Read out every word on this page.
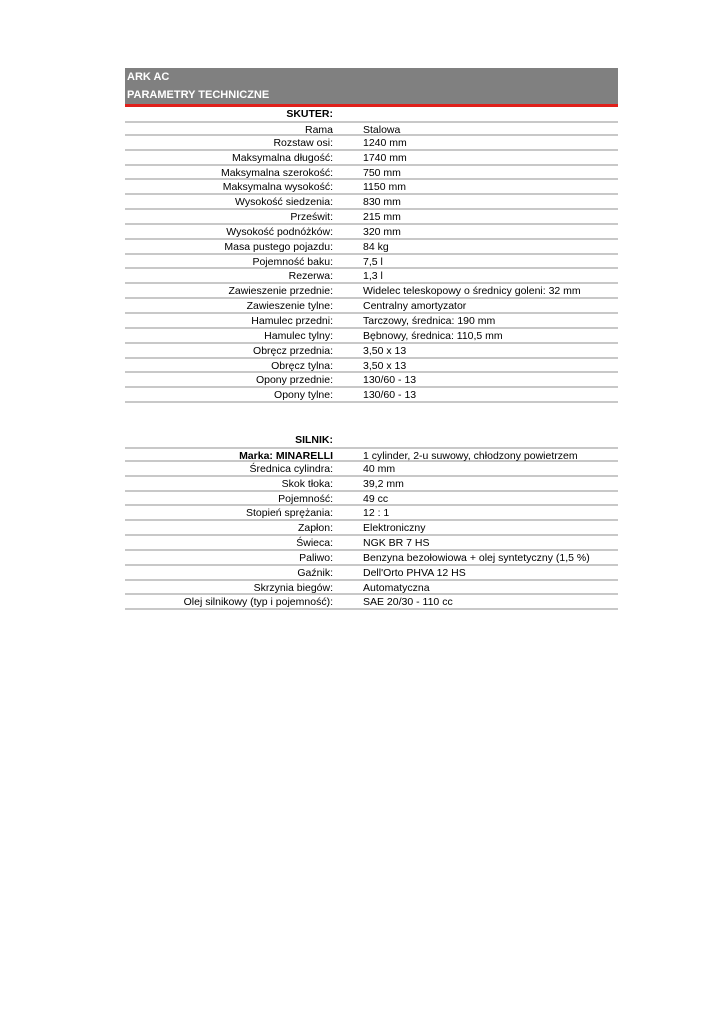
ARK AC
PARAMETRY TECHNICZNE
SKUTER:
Rama	Stalowa
Rozstaw osi:	1240 mm
Maksymalna długość:	1740 mm
Maksymalna szerokość:	750 mm
Maksymalna wysokość:	1150 mm
Wysokość siedzenia:	830 mm
Prześwit:	215 mm
Wysokość podnóżków:	320 mm
Masa pustego pojazdu:	84 kg
Pojemność baku:	7,5 l
Rezerwa:	1,3 l
Zawieszenie przednie:	Widelec teleskopowy o średnicy goleni: 32 mm
Zawieszenie tylne:	Centralny amortyzator
Hamulec przedni:	Tarczowy, średnica: 190 mm
Hamulec tylny:	Bębnowy, średnica: 110,5 mm
Obręcz przednia:	3,50 x 13
Obręcz tylna:	3,50 x 13
Opony przednie:	130/60 - 13
Opony tylne:	130/60 - 13
SILNIK:
Marka: MINARELLI	1 cylinder, 2-u suwowy, chłodzony powietrzem
Średnica cylindra:	40 mm
Skok tłoka:	39,2 mm
Pojemność:	49 cc
Stopień sprężania:	12 : 1
Zapłon:	Elektroniczny
Świeca:	NGK BR 7 HS
Paliwo:	Benzyna bezołowiowa + olej syntetyczny (1,5 %)
Gaźnik:	Dell'Orto PHVA 12 HS
Skrzynia biegów:	Automatyczna
Olej silnikowy (typ i pojemność):	SAE 20/30 - 110 cc
